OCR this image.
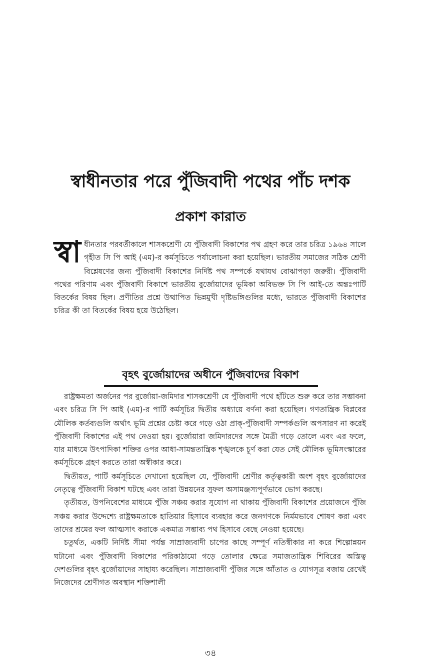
স্বাধীনতার পরে পুঁজিবাদী পথের পাঁচ দশক
প্রকাশ কারাত

স্বা ধীনতার পরবর্তীকালে শাসকশ্রেণী যে পুঁজিবাদী বিকাশের পথ গ্রহণ করে তার চরিত্র ১৯৬৪ সালে গৃহীত সি পি আই (এম)-র কর্মসূচিতে পর্যালোচনা করা হয়েছিল। ভারতীয় সমাজের সঠিক শ্রেণী বিশ্লেষণের জন্য পুঁজিবাদী বিকাশের নির্দিষ্ট পথ সম্পর্কে যথাযথ বোঝাপড়া জরুরী। পুঁজিবাদী পথের পরিণাম এবং পুঁজিবাদী বিকাশে ভারতীয় বুর্জোয়াদের ভূমিকা অবিভক্ত সি পি আই-তে অন্তঃপার্টি বিতর্কের বিষয় ছিল। প্রণীতির প্রশ্নে উত্থাপিত ভিন্নমুখী দৃষ্টিভঙ্গিগুলির মধ্যে, ভারতে পুঁজিবাদী বিকাশের চরিত্র কী তা বিতর্কের বিষয় হয়ে উঠেছিল।

বৃহৎ বুর্জোয়াদের অধীনে পুঁজিবাদের বিকাশ

রাষ্ট্রক্ষমতা অর্জনের পর বুর্জোয়া-জমিদার শাসকশ্রেণী যে পুঁজিবাদী পথে হাঁটতে শুরু করে তার সম্ভাবনা এবং চরিত্র সি পি আই (এম)-র পার্টি কর্মসূচির দ্বিতীয় অধ্যায়ে বর্ণনা করা হয়েছিল। গণতান্ত্রিক বিপ্লবের মৌলিক কর্তব্যগুলি অর্থাৎ ভূমি প্রশ্নের চেষ্টা করে গড়ে ওঠা প্রাক্-পুঁজিবাদী সম্পর্কগুলি অপসারণ না করেই পুঁজিবাদী বিকাশের এই পথ নেওয়া হয়। বুর্জোয়ারা জমিদারদের সঙ্গে মৈত্রী গড়ে তোলে এবং এর ফলে, যার মাধ্যমে উৎপাদিকা শক্তির ওপর আধা-সামন্ততান্ত্রিক শৃঙ্খলকে চূর্ণ করা যেত সেই মৌলিক ভূমিসংস্কারের কর্মসূচিকে গ্রহণ করতে তারা অস্বীকার করে।

দ্বিতীয়ত, পার্টি কর্মসূচিতে দেখানো হয়েছিল যে, পুঁজিবাদী শ্রেণীর কর্তৃত্বকারী অংশ বৃহৎ বুর্জোয়াদের নেতৃত্বে পুঁজিবাদী বিকাশ ঘটছে এবং তারা উন্নয়নের সুফল অসামঞ্জস্যপূর্ণভাবে ভোগ করছে।

তৃতীয়ত, উপনিবেশের মাধ্যমে পুঁজি সঞ্চয় করার সুযোগ না থাকায় পুঁজিবাদী বিকাশের প্রয়োজনে পুঁজি সঞ্চয় করার উদ্দেশ্যে রাষ্ট্রক্ষমতাকে হাতিয়ার হিসাবে ব্যবহার করে জনগণকে নির্মমভাবে শোষণ করা এবং তাদের শ্রমের ফল আত্মসাৎ করাকে একমাত্র সম্ভাব্য পথ হিসাবে বেছে নেওয়া হয়েছে।

চতুর্থত, একটি নির্দিষ্ট সীমা পর্যন্ত সাম্রাজ্যবাদী চাপের কাছে সম্পূর্ণ নতিস্বীকার না করে শিল্পোন্নয়ন ঘটানো এবং পুঁজিবাদী বিকাশের পরিকাঠামো গড়ে তোলার ক্ষেত্রে সমাজতান্ত্রিক শিবিরের অস্তিত্ব দেশগুলির বৃহৎ বুর্জোয়াদের সাহায্য করেছিল। সাম্রাজ্যবাদী পুঁজির সঙ্গে আঁতাত ও যোগসূত্র বজায় রেখেই নিজেদের শ্রেণীগত অবস্থান শক্তিশালী

৩৪
